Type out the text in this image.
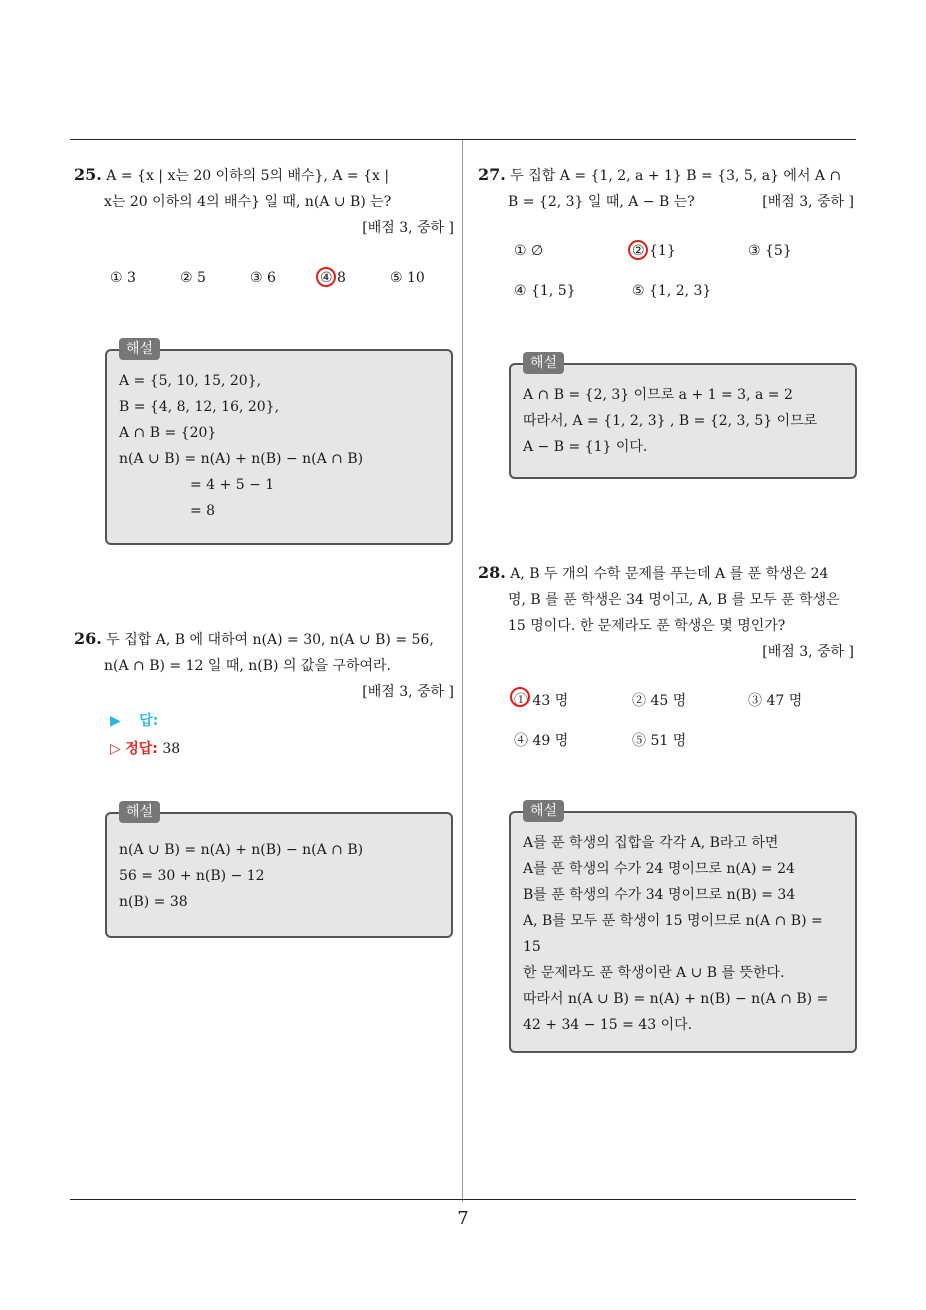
25. A = {x | x는 20 이하의 5의 배수}, A = {x |
x는 20 이하의 4의 배수} 일 때, n(A ∪ B) 는?
[배점 3, 중하 ]
① 3	② 5	③ 6	④ 8	⑤ 10
해설
A = {5, 10, 15, 20},
B = {4, 8, 12, 16, 20},
A ∩ B = {20}
n(A ∪ B) = n(A) + n(B) − n(A ∩ B)
= 4 + 5 − 1
= 8
26. 두 집합 A, B 에 대하여 n(A) = 30, n(A ∪ B) = 56,
n(A ∩ B) = 12 일 때, n(B) 의 값을 구하여라.
[배점 3, 중하 ]
▶ 답:
▷ 정답: 38
해설
n(A ∪ B) = n(A) + n(B) − n(A ∩ B)
56 = 30 + n(B) − 12
n(B) = 38
27. 두 집합 A = {1, 2, a + 1} B = {3, 5, a} 에서 A ∩
B = {2, 3} 일 때, A − B 는?	[배점 3, 중하 ]
① ∅	② {1}	③ {5}
④ {1, 5}	⑤ {1, 2, 3}
해설
A ∩ B = {2, 3} 이므로 a + 1 = 3, a = 2
따라서, A = {1, 2, 3} , B = {2, 3, 5} 이므로
A − B = {1} 이다.
28. A, B 두 개의 수학 문제를 푸는데 A 를 푼 학생은 24
명, B 를 푼 학생은 34 명이고, A, B 를 모두 푼 학생은
15 명이다. 한 문제라도 푼 학생은 몇 명인가?
[배점 3, 중하 ]
① 43 명	② 45 명	③ 47 명
④ 49 명	⑤ 51 명
해설
A를 푼 학생의 집합을 각각 A, B라고 하면
A를 푼 학생의 수가 24 명이므로 n(A) = 24
B를 푼 학생의 수가 34 명이므로 n(B) = 34
A, B를 모두 푼 학생이 15 명이므로 n(A ∩ B) =
15
한 문제라도 푼 학생이란 A ∪ B 를 뜻한다.
따라서 n(A ∪ B) = n(A) + n(B) − n(A ∩ B) =
42 + 34 − 15 = 43 이다.
7
